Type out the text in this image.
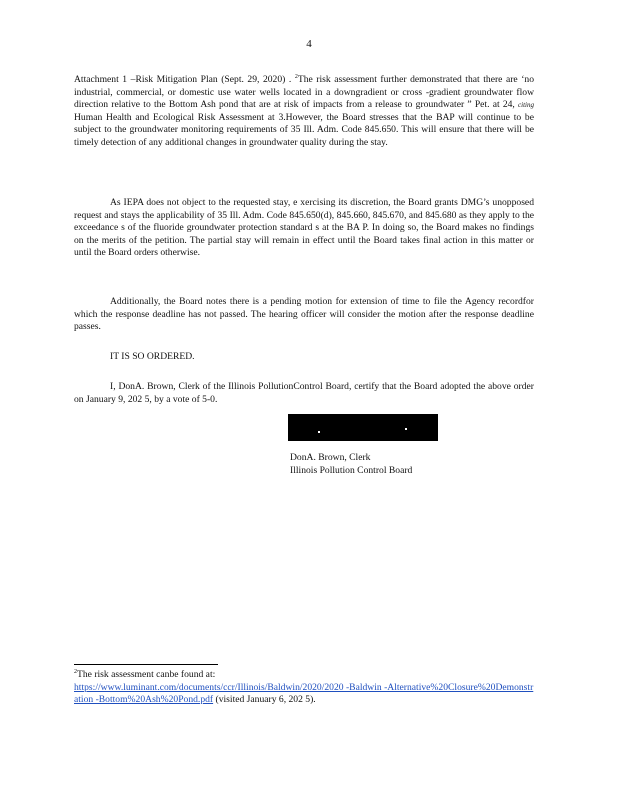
4

Attachment 1 –Risk Mitigation Plan (Sept. 29, 2020) . $^2$The risk assessment further demonstrated that there are ‘no industrial, commercial, or domestic use water wells located in a downgradient or cross -gradient groundwater flow direction relative to the Bottom Ash pond that are at risk of impacts from a release to groundwater ” Pet. at 24, citing Human Health and Ecological Risk Assessment at 3.However, the Board stresses that the BAP will continue to be subject to the groundwater monitoring requirements of 35 Ill. Adm. Code 845.650. This will ensure that there will be timely detection of any additional changes in groundwater quality during the stay.

As IEPA does not object to the requested stay, e xercising its discretion, the Board grants DMG’s unopposed request and stays the applicability of 35 Ill. Adm. Code 845.650(d), 845.660, 845.670, and 845.680 as they apply to the exceedance s of the fluoride groundwater protection standard s at the BA P. In doing so, the Board makes no findings on the merits of the petition. The partial stay will remain in effect until the Board takes final action in this matter or until the Board orders otherwise.

Additionally, the Board notes there is a pending motion for extension of time to file the Agency recordfor which the response deadline has not passed. The hearing officer will consider the motion after the response deadline passes.

IT IS SO ORDERED.

I, DonA. Brown, Clerk of the Illinois PollutionControl Board, certify that the Board adopted the above order on January 9, 202 5, by a vote of 5-0.

DonA. Brown, Clerk
Illinois Pollution Control Board
$^2$The risk assessment canbe found at:
https://www.luminant.com/documents/ccr/Illinois/Baldwin/2020/2020 -Baldwin -Alternative%20Closure%20Demonstration -Bottom%20Ash%20Pond.pdf (visited January 6, 202 5).
